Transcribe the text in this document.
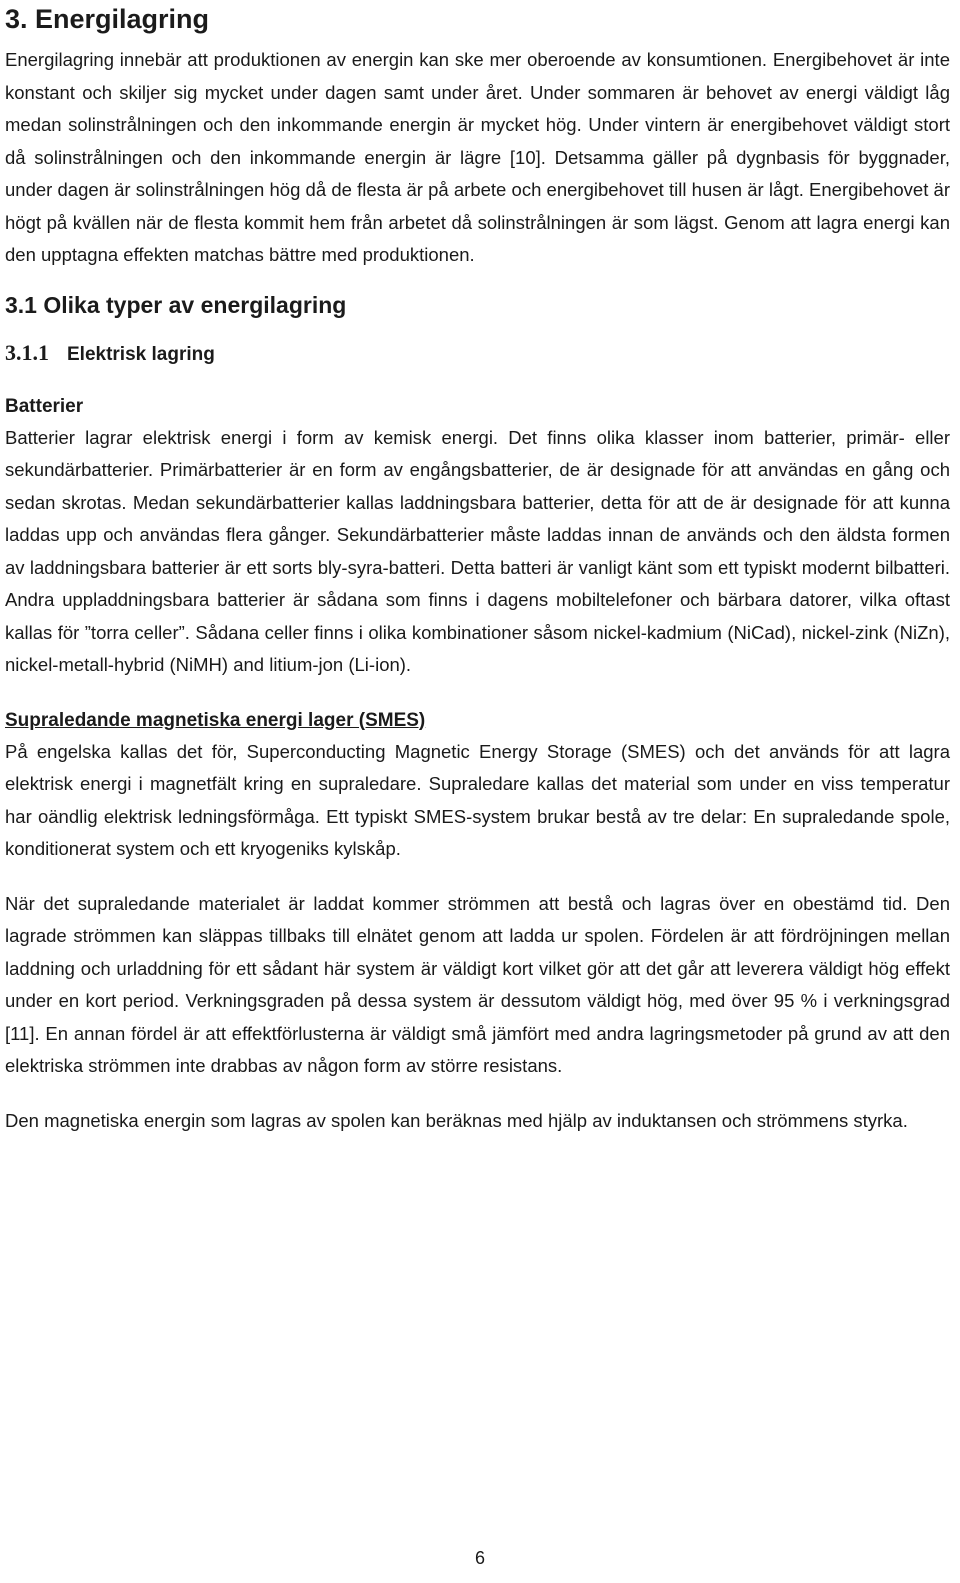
3. Energilagring

Energilagring innebär att produktionen av energin kan ske mer oberoende av konsumtionen. Energibehovet är inte konstant och skiljer sig mycket under dagen samt under året. Under sommaren är behovet av energi väldigt låg medan solinstrålningen och den inkommande energin är mycket hög. Under vintern är energibehovet väldigt stort då solinstrålningen och den inkommande energin är lägre [10]. Detsamma gäller på dygnbasis för byggnader, under dagen är solinstrålningen hög då de flesta är på arbete och energibehovet till husen är lågt. Energibehovet är högt på kvällen när de flesta kommit hem från arbetet då solinstrålningen är som lägst. Genom att lagra energi kan den upptagna effekten matchas bättre med produktionen.

3.1 Olika typer av energilagring
3.1.1 Elektrisk lagring
Batterier

Batterier lagrar elektrisk energi i form av kemisk energi. Det finns olika klasser inom batterier, primär- eller sekundärbatterier. Primärbatterier är en form av engångsbatterier, de är designade för att användas en gång och sedan skrotas. Medan sekundärbatterier kallas laddningsbara batterier, detta för att de är designade för att kunna laddas upp och användas flera gånger. Sekundärbatterier måste laddas innan de används och den äldsta formen av laddningsbara batterier är ett sorts bly-syra-batteri. Detta batteri är vanligt känt som ett typiskt modernt bilbatteri. Andra uppladdningsbara batterier är sådana som finns i dagens mobiltelefoner och bärbara datorer, vilka oftast kallas för ”torra celler”. Sådana celler finns i olika kombinationer såsom nickel-kadmium (NiCad), nickel-zink (NiZn), nickel-metall-hybrid (NiMH) and litium-jon (Li-ion).

Supraledande magnetiska energi lager (SMES)

På engelska kallas det för, Superconducting Magnetic Energy Storage (SMES) och det används för att lagra elektrisk energi i magnetfält kring en supraledare. Supraledare kallas det material som under en viss temperatur har oändlig elektrisk ledningsförmåga. Ett typiskt SMES-system brukar bestå av tre delar: En supraledande spole, konditionerat system och ett kryogeniks kylskåp.

När det supraledande materialet är laddat kommer strömmen att bestå och lagras över en obestämd tid. Den lagrade strömmen kan släppas tillbaks till elnätet genom att ladda ur spolen. Fördelen är att fördröjningen mellan laddning och urladdning för ett sådant här system är väldigt kort vilket gör att det går att leverera väldigt hög effekt under en kort period. Verkningsgraden på dessa system är dessutom väldigt hög, med över 95 % i verkningsgrad [11]. En annan fördel är att effektförlusterna är väldigt små jämfört med andra lagringsmetoder på grund av att den elektriska strömmen inte drabbas av någon form av större resistans.

Den magnetiska energin som lagras av spolen kan beräknas med hjälp av induktansen och strömmens styrka.

6
